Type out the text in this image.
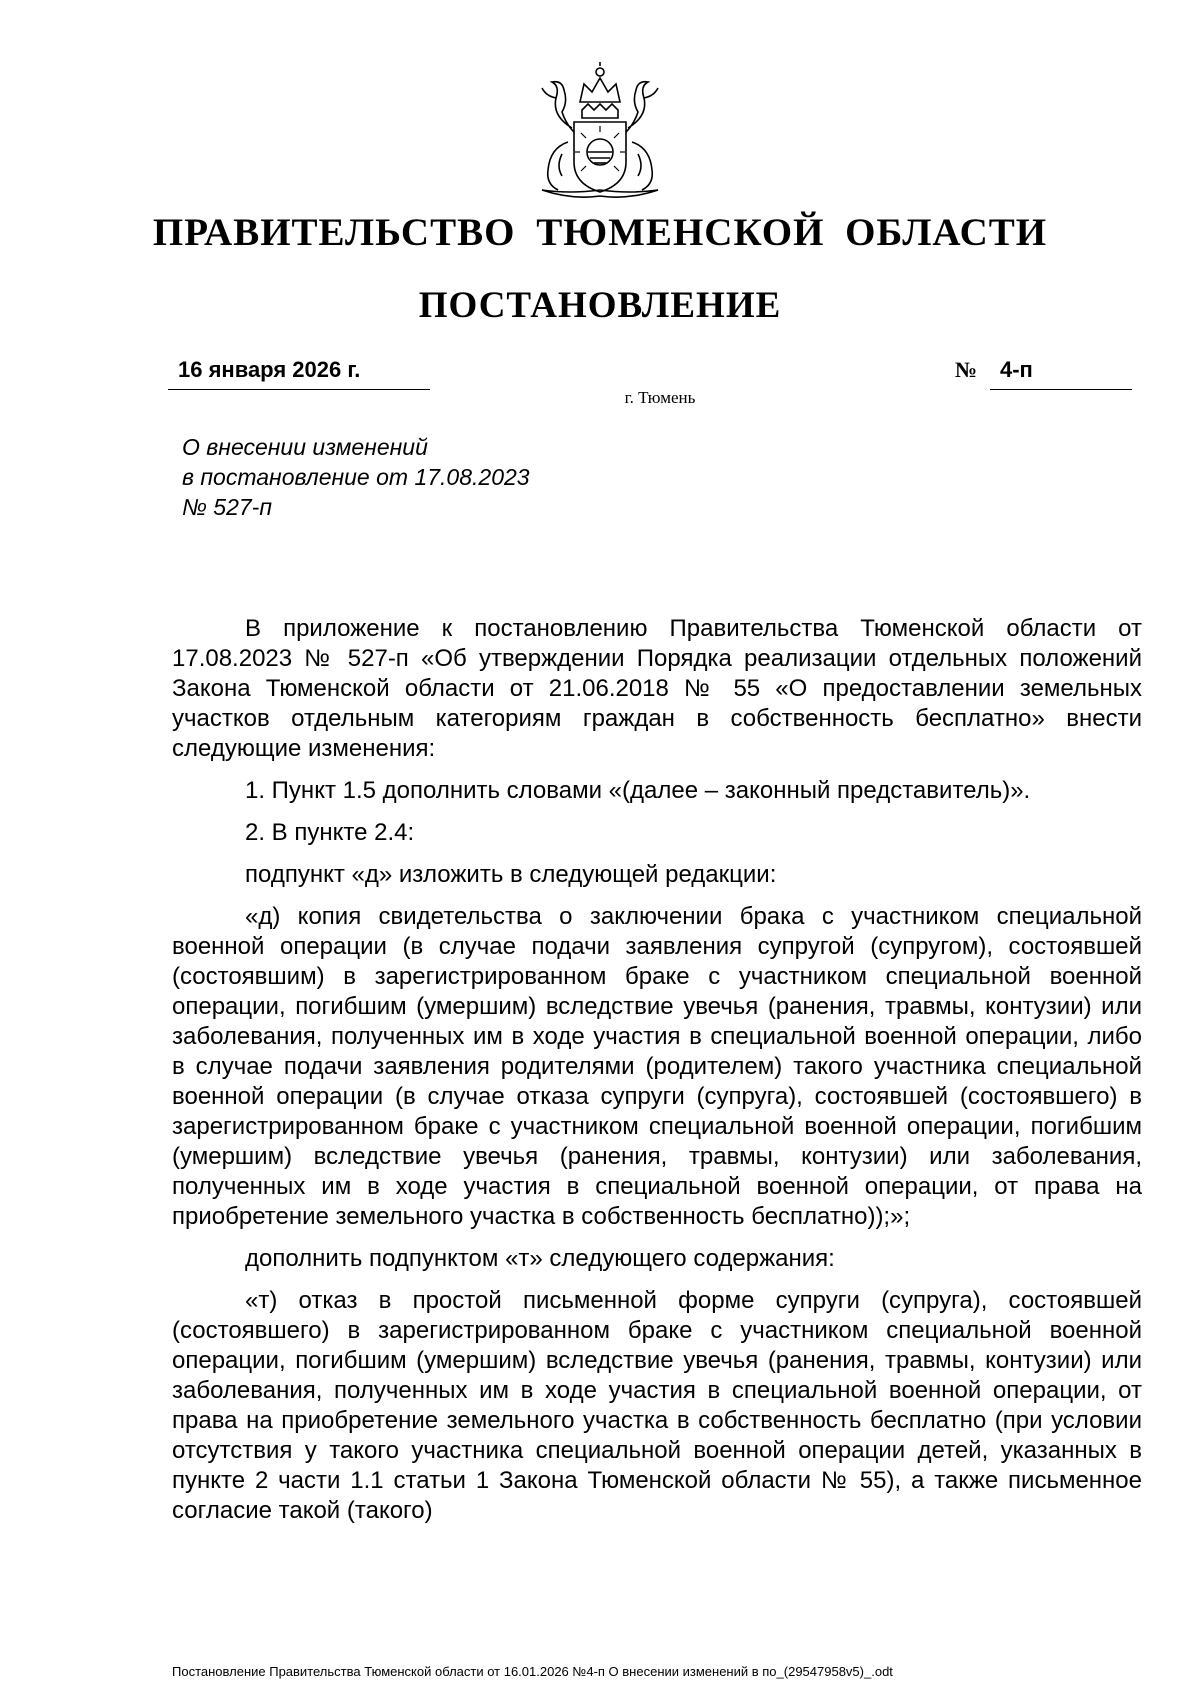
ПРАВИТЕЛЬСТВО ТЮМЕНСКОЙ ОБЛАСТИ
ПОСТАНОВЛЕНИЕ
16 января 2026 г.	№	4-п
г. Тюмень
О внесении изменений
в постановление от 17.08.2023
№ 527-п

В приложение к постановлению Правительства Тюменской области от 17.08.2023 № 527-п «Об утверждении Порядка реализации отдельных положений Закона Тюменской области от 21.06.2018 № 55 «О предоставлении земельных участков отдельным категориям граждан в собственность бесплатно» внести следующие изменения:

1. Пункт 1.5 дополнить словами «(далее – законный представитель)».

2. В пункте 2.4:

подпункт «д» изложить в следующей редакции:

«д) копия свидетельства о заключении брака с участником специальной военной операции (в случае подачи заявления супругой (супругом), состоявшей (состоявшим) в зарегистрированном браке с участником специальной военной операции, погибшим (умершим) вследствие увечья (ранения, травмы, контузии) или заболевания, полученных им в ходе участия в специальной военной операции, либо в случае подачи заявления родителями (родителем) такого участника специальной военной операции (в случае отказа супруги (супруга), состоявшей (состоявшего) в зарегистрированном браке с участником специальной военной операции, погибшим (умершим) вследствие увечья (ранения, травмы, контузии) или заболевания, полученных им в ходе участия в специальной военной операции, от права на приобретение земельного участка в собственность бесплатно));»;

дополнить подпунктом «т» следующего содержания:

«т) отказ в простой письменной форме супруги (супруга), состоявшей (состоявшего) в зарегистрированном браке с участником специальной военной операции, погибшим (умершим) вследствие увечья (ранения, травмы, контузии) или заболевания, полученных им в ходе участия в специальной военной операции, от права на приобретение земельного участка в собственность бесплатно (при условии отсутствия у такого участника специальной военной операции детей, указанных в пункте 2 части 1.1 статьи 1 Закона Тюменской области № 55), а также письменное согласие такой (такого)

Постановление Правительства Тюменской области от 16.01.2026 №4-п О внесении изменений в по_(29547958v5)_.odt
